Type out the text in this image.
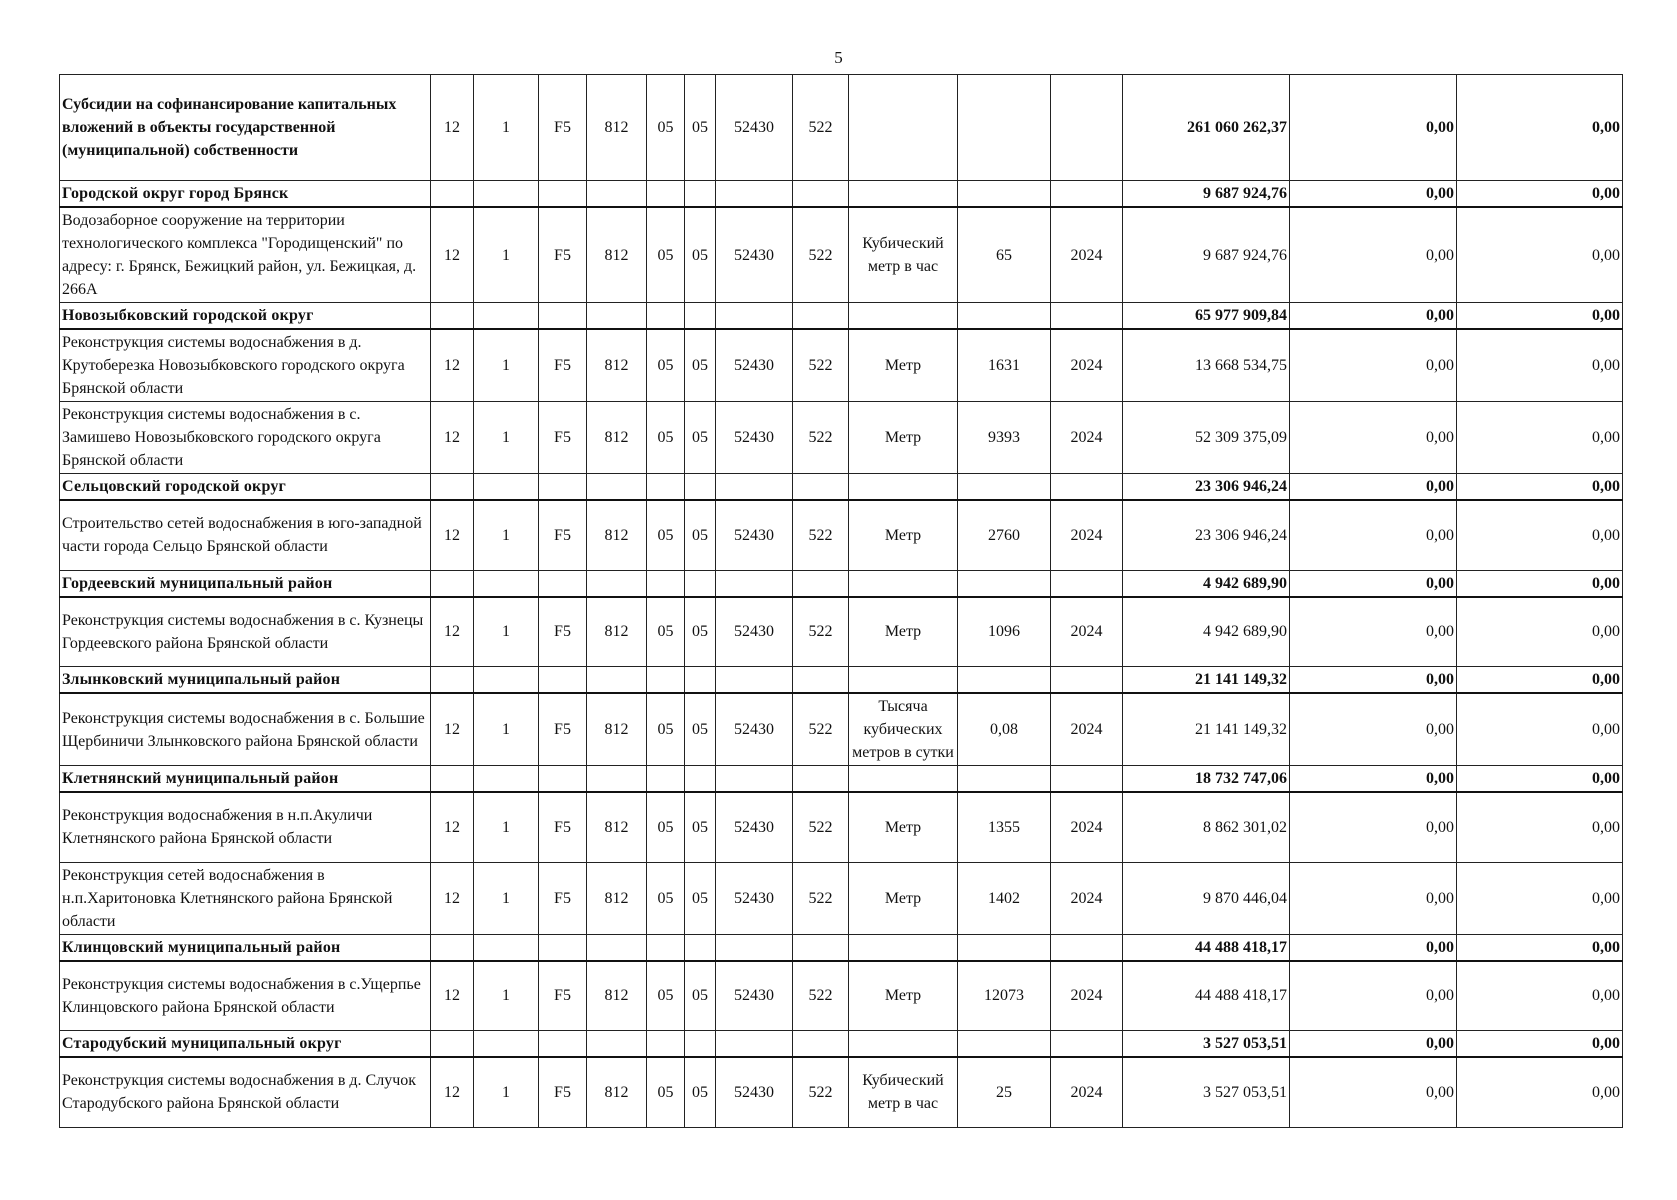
5
Субсидии на софинансирование капитальных вложений в объекты государственной (муниципальной) собственности	12	1	F5	812	05	05	52430	522				261 060 262,37	0,00	0,00
Городской округ город Брянск												9 687 924,76	0,00	0,00
Водозаборное сооружение на территории технологического комплекса "Городищенский" по адресу: г. Брянск, Бежицкий район, ул. Бежицкая, д. 266А	12	1	F5	812	05	05	52430	522	Кубический метр в час	65	2024	9 687 924,76	0,00	0,00
Новозыбковский городской округ												65 977 909,84	0,00	0,00
Реконструкция системы водоснабжения в д. Крутоберезка Новозыбковского городского округа Брянской области	12	1	F5	812	05	05	52430	522	Метр	1631	2024	13 668 534,75	0,00	0,00
Реконструкция системы водоснабжения в с. Замишево Новозыбковского городского округа Брянской области	12	1	F5	812	05	05	52430	522	Метр	9393	2024	52 309 375,09	0,00	0,00
Сельцовский городской округ												23 306 946,24	0,00	0,00
Строительство сетей водоснабжения в юго-западной части города Сельцо Брянской области	12	1	F5	812	05	05	52430	522	Метр	2760	2024	23 306 946,24	0,00	0,00
Гордеевский муниципальный район												4 942 689,90	0,00	0,00
Реконструкция системы водоснабжения в с. Кузнецы Гордеевского района Брянской области	12	1	F5	812	05	05	52430	522	Метр	1096	2024	4 942 689,90	0,00	0,00
Злынковский муниципальный район												21 141 149,32	0,00	0,00
Реконструкция системы водоснабжения в с. Большие Щербиничи Злынковского района Брянской области	12	1	F5	812	05	05	52430	522	Тысяча кубических метров в сутки	0,08	2024	21 141 149,32	0,00	0,00
Клетнянский муниципальный район												18 732 747,06	0,00	0,00
Реконструкция водоснабжения в н.п.Акуличи Клетнянского района Брянской области	12	1	F5	812	05	05	52430	522	Метр	1355	2024	8 862 301,02	0,00	0,00
Реконструкция сетей водоснабжения в н.п.Харитоновка Клетнянского района Брянской области	12	1	F5	812	05	05	52430	522	Метр	1402	2024	9 870 446,04	0,00	0,00
Клинцовский муниципальный район												44 488 418,17	0,00	0,00
Реконструкция системы водоснабжения в с.Ущерпье Клинцовского района Брянской области	12	1	F5	812	05	05	52430	522	Метр	12073	2024	44 488 418,17	0,00	0,00
Стародубский муниципальный округ												3 527 053,51	0,00	0,00
Реконструкция системы водоснабжения в д. Случок Стародубского района Брянской области	12	1	F5	812	05	05	52430	522	Кубический метр в час	25	2024	3 527 053,51	0,00	0,00
